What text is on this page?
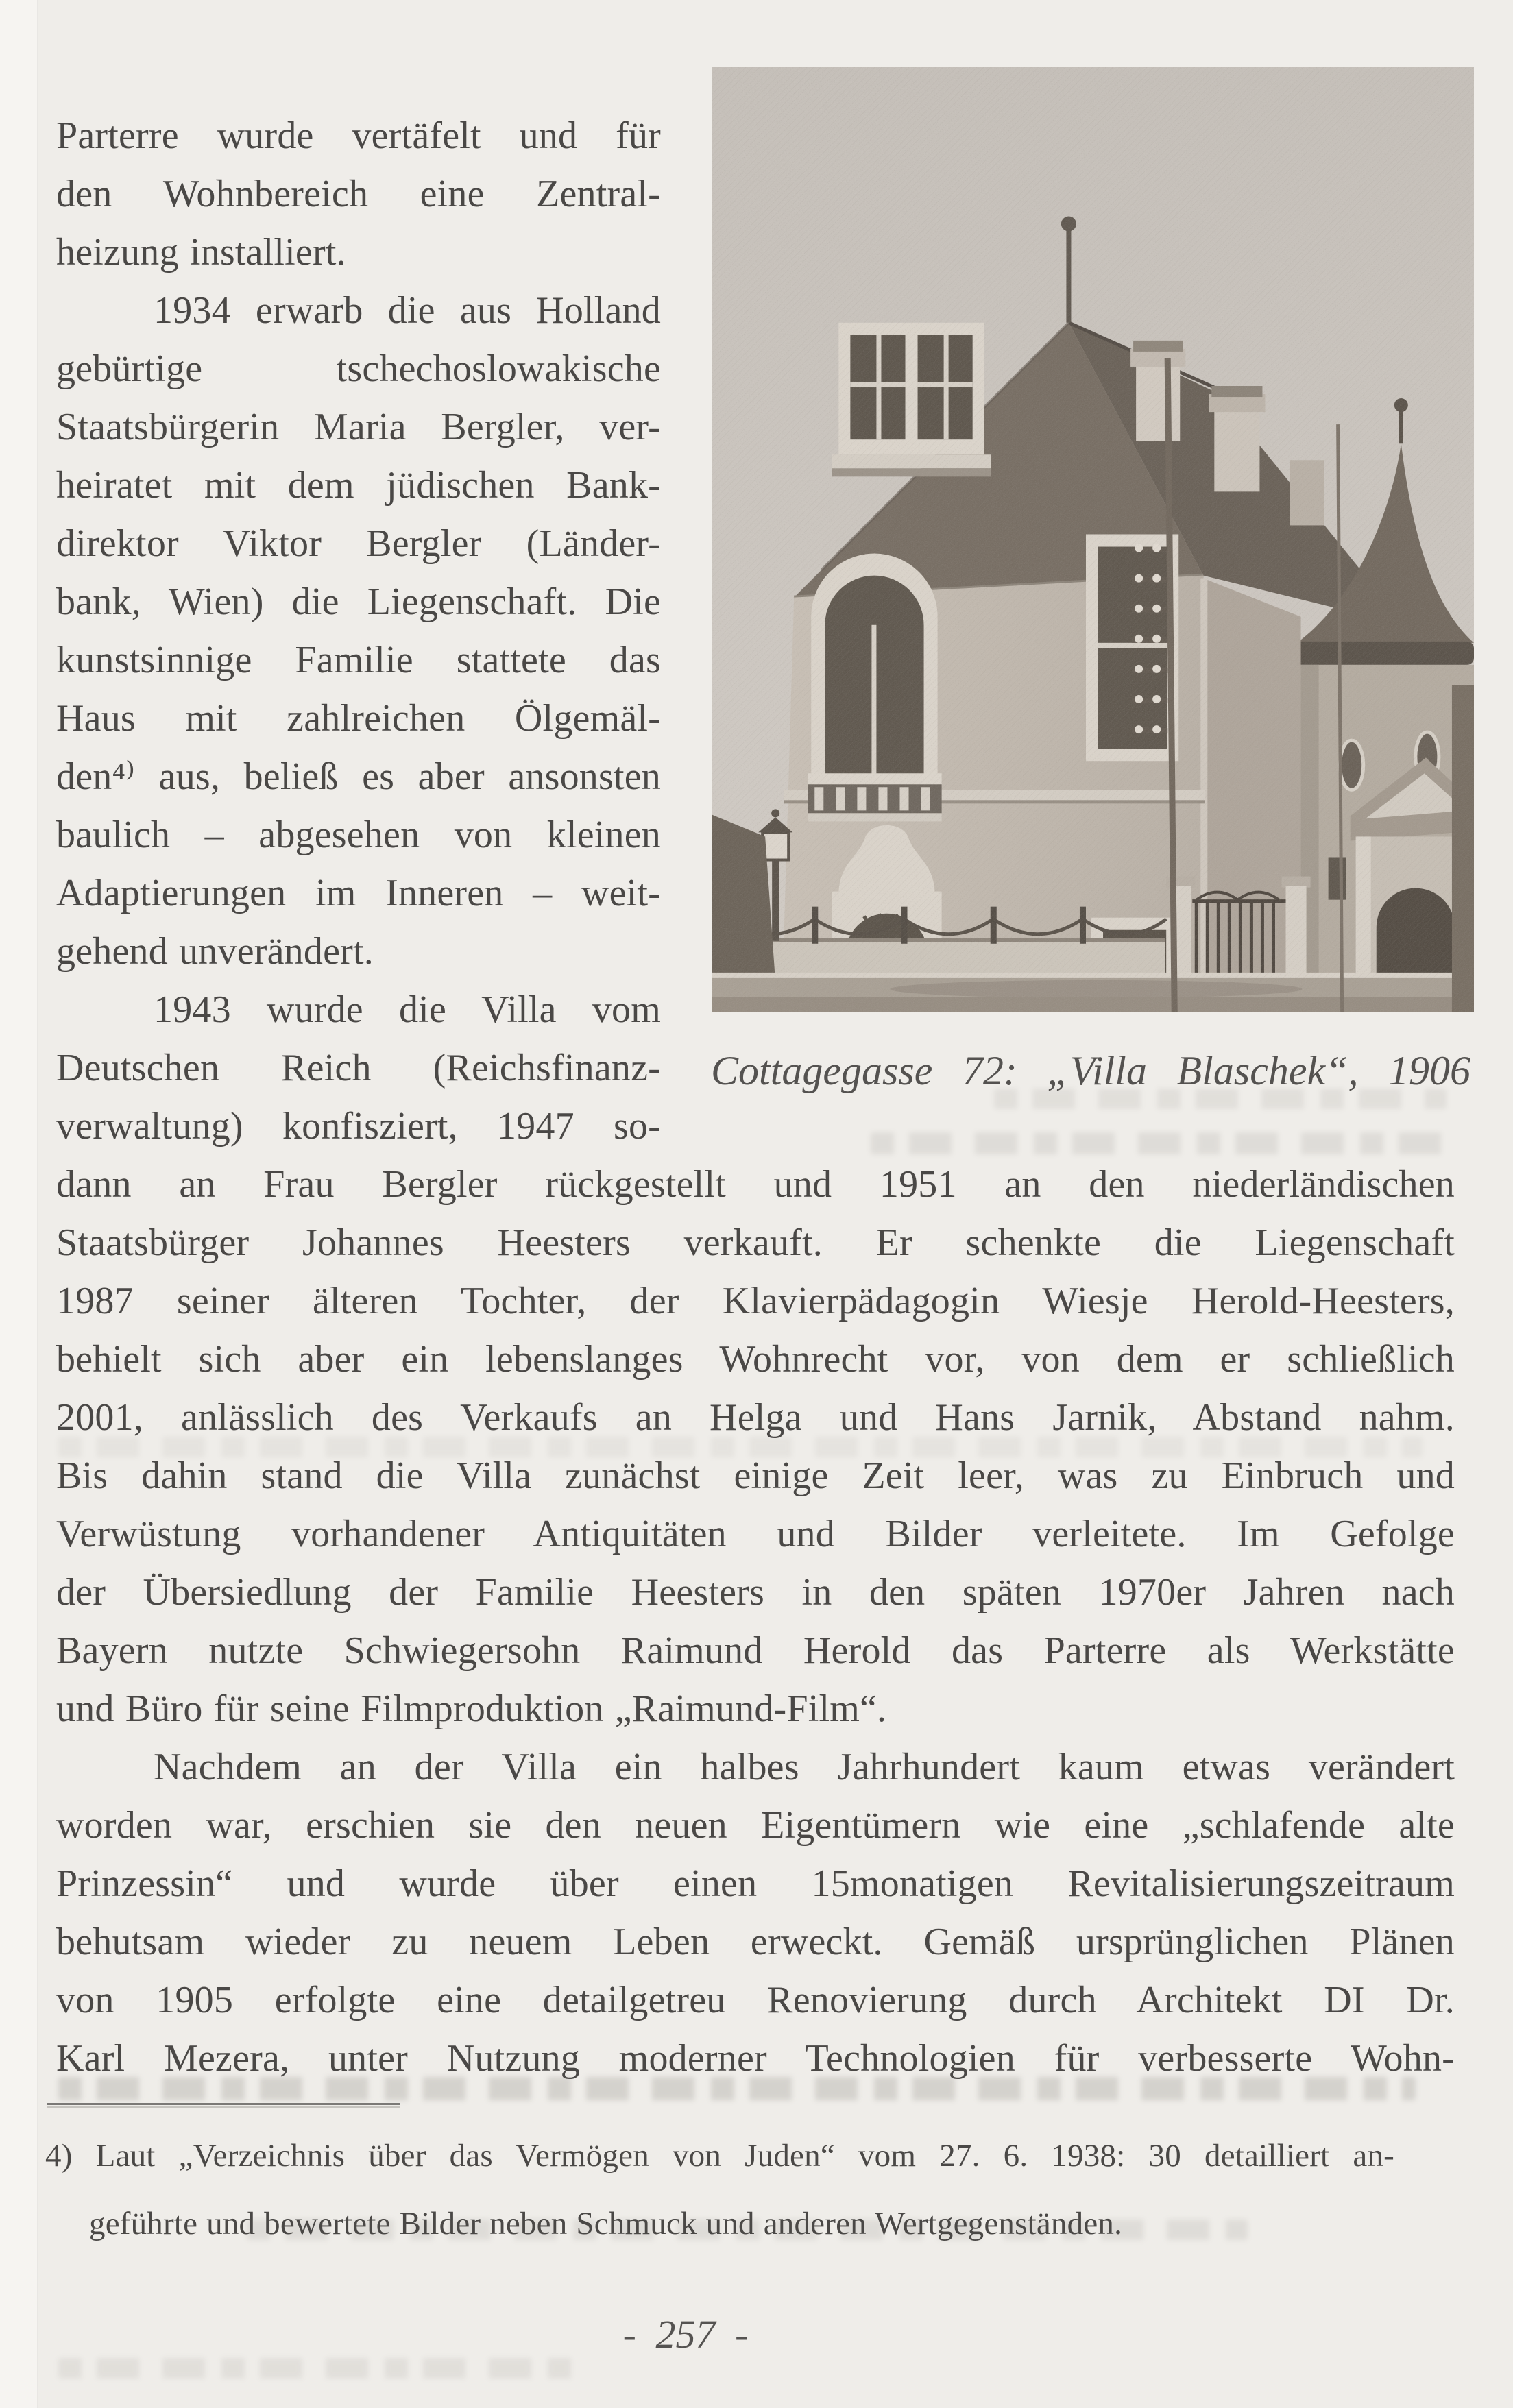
Parterre wurde vertäfelt und für
den Wohnbereich eine Zentral-
heizung installiert.
1934 erwarb die aus Holland
gebürtige tschechoslowakische
Staatsbürgerin Maria Bergler, ver-
heiratet mit dem jüdischen Bank-
direktor Viktor Bergler (Länder-
bank, Wien) die Liegenschaft. Die
kunstsinnige Familie stattete das
Haus mit zahlreichen Ölgemäl-
den⁴⁾ aus, beließ es aber ansonsten
baulich – abgesehen von kleinen
Adaptierungen im Inneren – weit-
gehend unverändert.
1943 wurde die Villa vom
Deutschen Reich (Reichsfinanz-
verwaltung) konfisziert, 1947 so-
dann an Frau Bergler rückgestellt und 1951 an den niederländischen
Staatsbürger Johannes Heesters verkauft. Er schenkte die Liegenschaft
1987 seiner älteren Tochter, der Klavierpädagogin Wiesje Herold-Heesters,
behielt sich aber ein lebenslanges Wohnrecht vor, von dem er schließlich
2001, anlässlich des Verkaufs an Helga und Hans Jarnik, Abstand nahm.
Bis dahin stand die Villa zunächst einige Zeit leer, was zu Einbruch und
Verwüstung vorhandener Antiquitäten und Bilder verleitete. Im Gefolge
der Übersiedlung der Familie Heesters in den späten 1970er Jahren nach
Bayern nutzte Schwiegersohn Raimund Herold das Parterre als Werkstätte
und Büro für seine Filmproduktion „Raimund-Film“.
Nachdem an der Villa ein halbes Jahrhundert kaum etwas verändert
worden war, erschien sie den neuen Eigentümern wie eine „schlafende alte
Prinzessin“ und wurde über einen 15monatigen Revitalisierungszeitraum
behutsam wieder zu neuem Leben erweckt. Gemäß ursprünglichen Plänen
von 1905 erfolgte eine detailgetreu Renovierung durch Architekt DI Dr.
Karl Mezera, unter Nutzung moderner Technologien für verbesserte Wohn-
Cottagegasse 72: „Villa Blaschek“, 1906
4) Laut „Verzeichnis über das Vermögen von Juden“ vom 27. 6. 1938: 30 detailliert an-
geführte und bewertete Bilder neben Schmuck und anderen Wertgegenständen.
- 257 -
